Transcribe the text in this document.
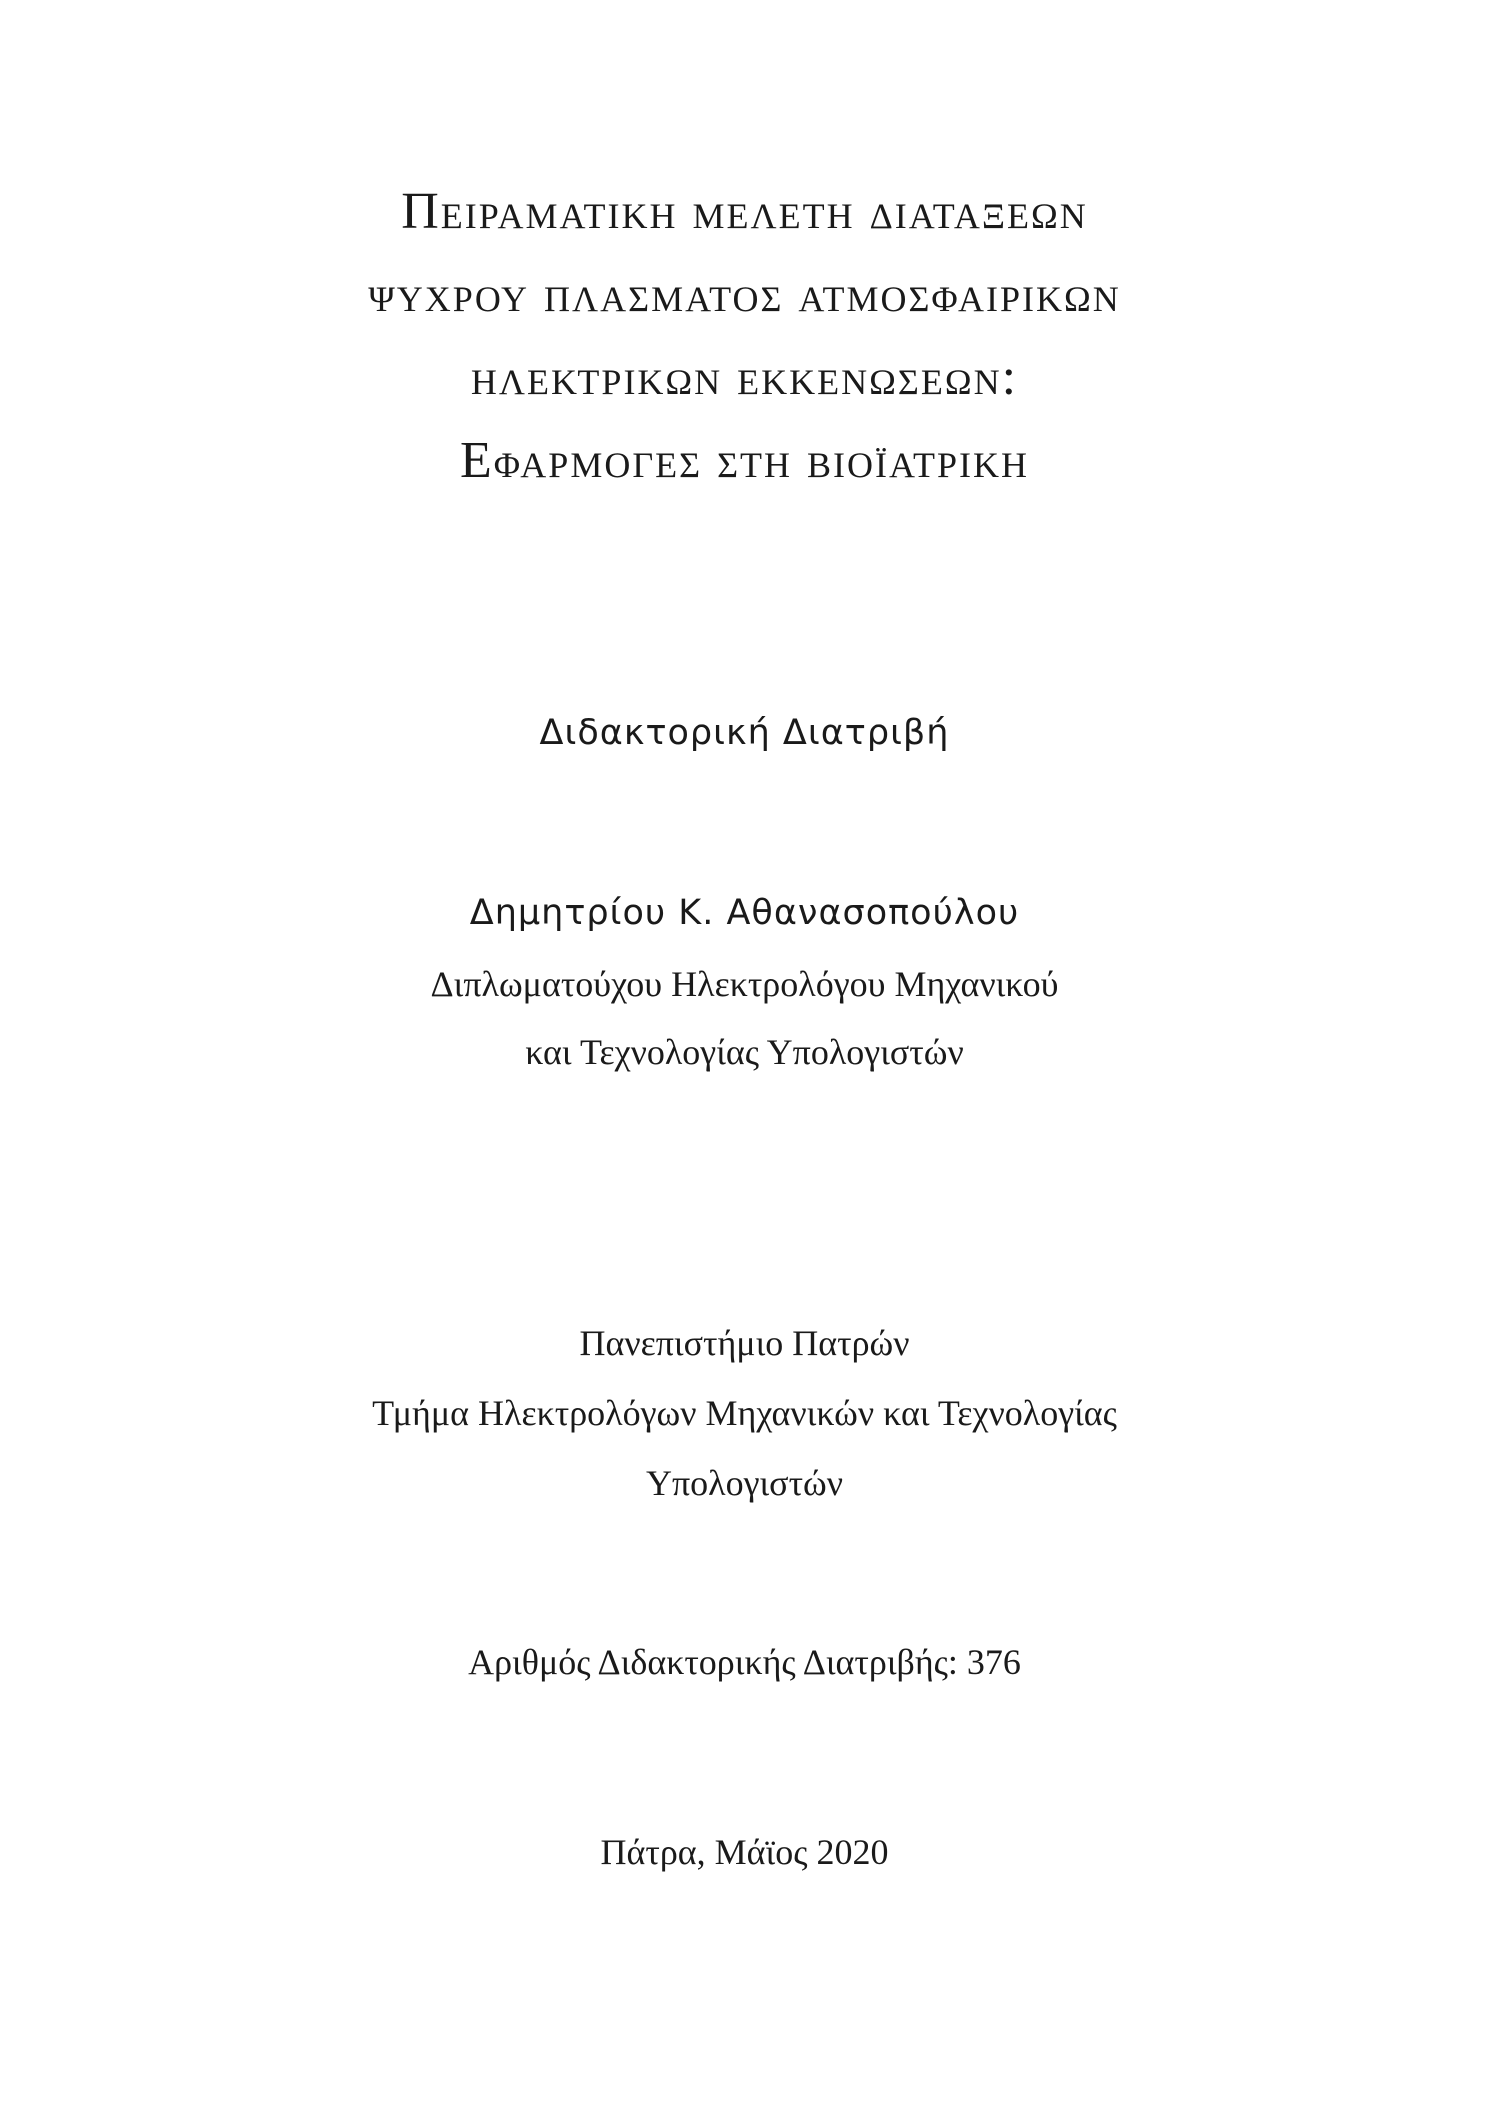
Πειραματικη μελετη διαταξεων
ψυχρου πλασματος ατμοσφαιρικων
ηλεκτρικων εκκενωσεων:
Εφαρμογες στη βιοϊατρικη
Διδακτορική Διατριβή
Δημητρίου Κ. Αθανασοπούλου
Διπλωματούχου Ηλεκτρολόγου Μηχανικού
και Τεχνολογίας Υπολογιστών
Πανεπιστήμιο Πατρών
Τμήμα Ηλεκτρολόγων Μηχανικών και Τεχνολογίας
Υπολογιστών
Αριθμός Διδακτορικής Διατριβής: 376
Πάτρα, Μάϊος 2020
